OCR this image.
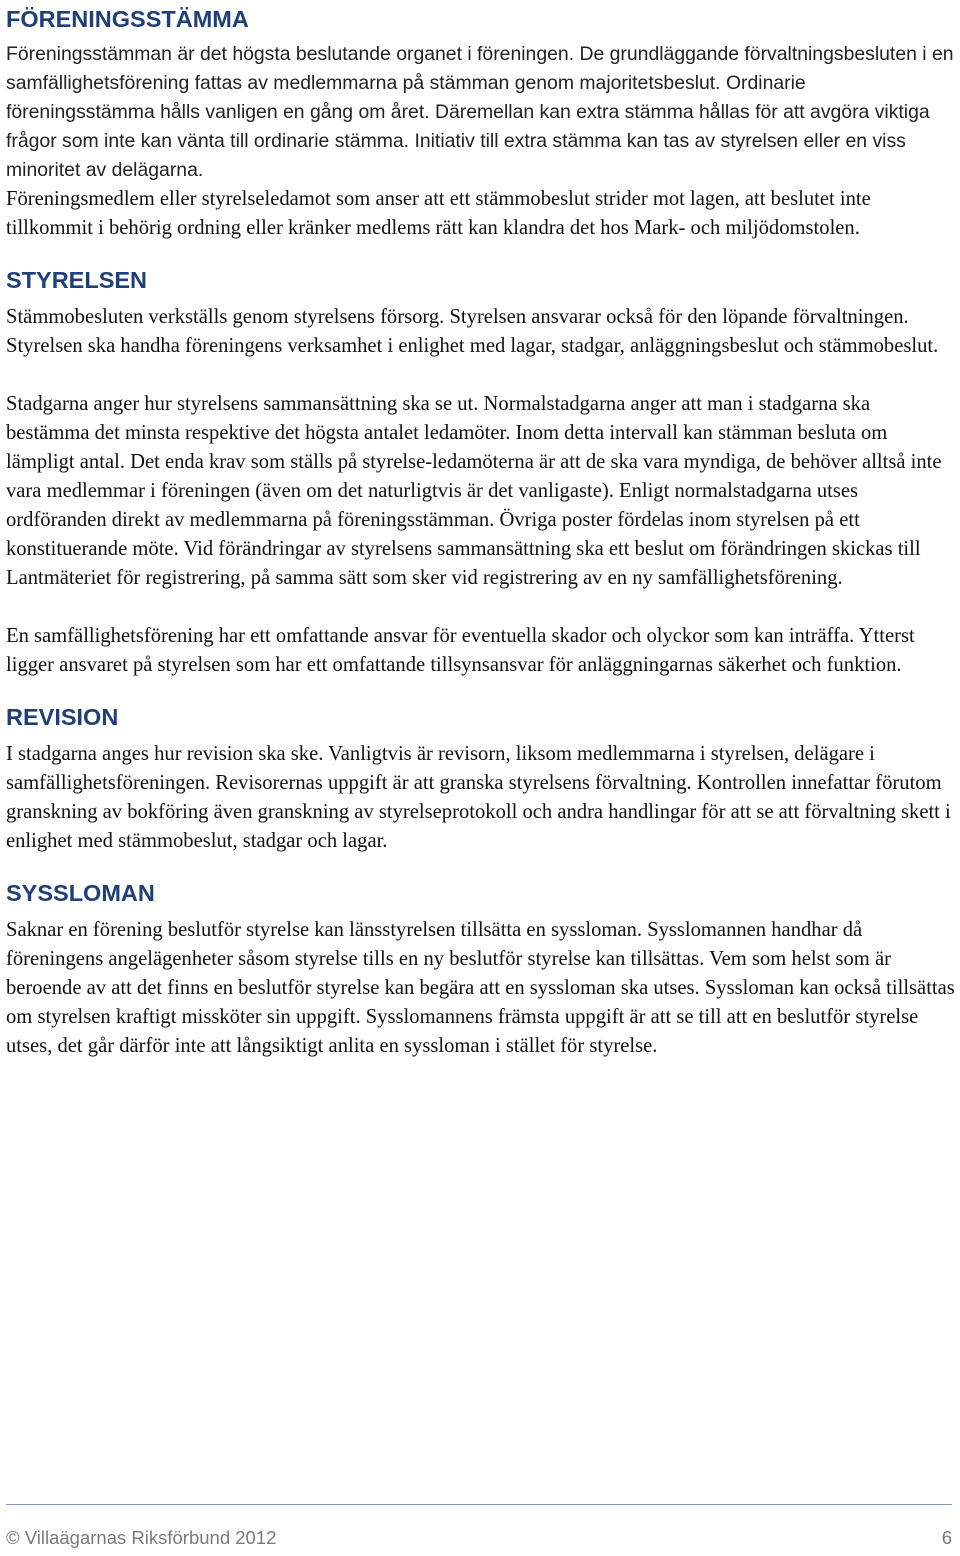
FÖRENINGSSTÄMMA

Föreningsstämman är det högsta beslutande organet i föreningen. De grundläggande förvaltningsbesluten i en samfällighetsförening fattas av medlemmarna på stämman genom majoritetsbeslut. Ordinarie föreningsstämma hålls vanligen en gång om året. Däremellan kan extra stämma hållas för att avgöra viktiga frågor som inte kan vänta till ordinarie stämma. Initiativ till extra stämma kan tas av styrelsen eller en viss minoritet av delägarna.

Föreningsmedlem eller styrelseledamot som anser att ett stämmobeslut strider mot lagen, att beslutet inte tillkommit i behörig ordning eller kränker medlems rätt kan klandra det hos Mark- och miljödomstolen.

STYRELSEN

Stämmobesluten verkställs genom styrelsens försorg. Styrelsen ansvarar också för den löpande förvaltningen. Styrelsen ska handha föreningens verksamhet i enlighet med lagar, stadgar, anläggningsbeslut och stämmobeslut.

Stadgarna anger hur styrelsens sammansättning ska se ut. Normalstadgarna anger att man i stadgarna ska bestämma det minsta respektive det högsta antalet ledamöter. Inom detta intervall kan stämman besluta om lämpligt antal. Det enda krav som ställs på styrelse-ledamöterna är att de ska vara myndiga, de behöver alltså inte vara medlemmar i föreningen (även om det naturligtvis är det vanligaste). Enligt normalstadgarna utses ordföranden direkt av medlemmarna på föreningsstämman. Övriga poster fördelas inom styrelsen på ett konstituerande möte. Vid förändringar av styrelsens sammansättning ska ett beslut om förändringen skickas till Lantmäteriet för registrering, på samma sätt som sker vid registrering av en ny samfällighetsförening.

En samfällighetsförening har ett omfattande ansvar för eventuella skador och olyckor som kan inträffa. Ytterst ligger ansvaret på styrelsen som har ett omfattande tillsynsansvar för anläggningarnas säkerhet och funktion.

REVISION

I stadgarna anges hur revision ska ske. Vanligtvis är revisorn, liksom medlemmarna i styrelsen, delägare i samfällighetsföreningen. Revisorernas uppgift är att granska styrelsens förvaltning. Kontrollen innefattar förutom granskning av bokföring även granskning av styrelseprotokoll och andra handlingar för att se att förvaltning skett i enlighet med stämmobeslut, stadgar och lagar.

SYSSLOMAN

Saknar en förening beslutför styrelse kan länsstyrelsen tillsätta en syssloman. Sysslomannen handhar då föreningens angelägenheter såsom styrelse tills en ny beslutför styrelse kan tillsättas. Vem som helst som är beroende av att det finns en beslutför styrelse kan begära att en syssloman ska utses. Syssloman kan också tillsättas om styrelsen kraftigt missköter sin uppgift. Sysslomannens främsta uppgift är att se till att en beslutför styrelse utses, det går därför inte att långsiktigt anlita en syssloman i stället för styrelse.

© Villaägarnas Riksförbund 2012	6
